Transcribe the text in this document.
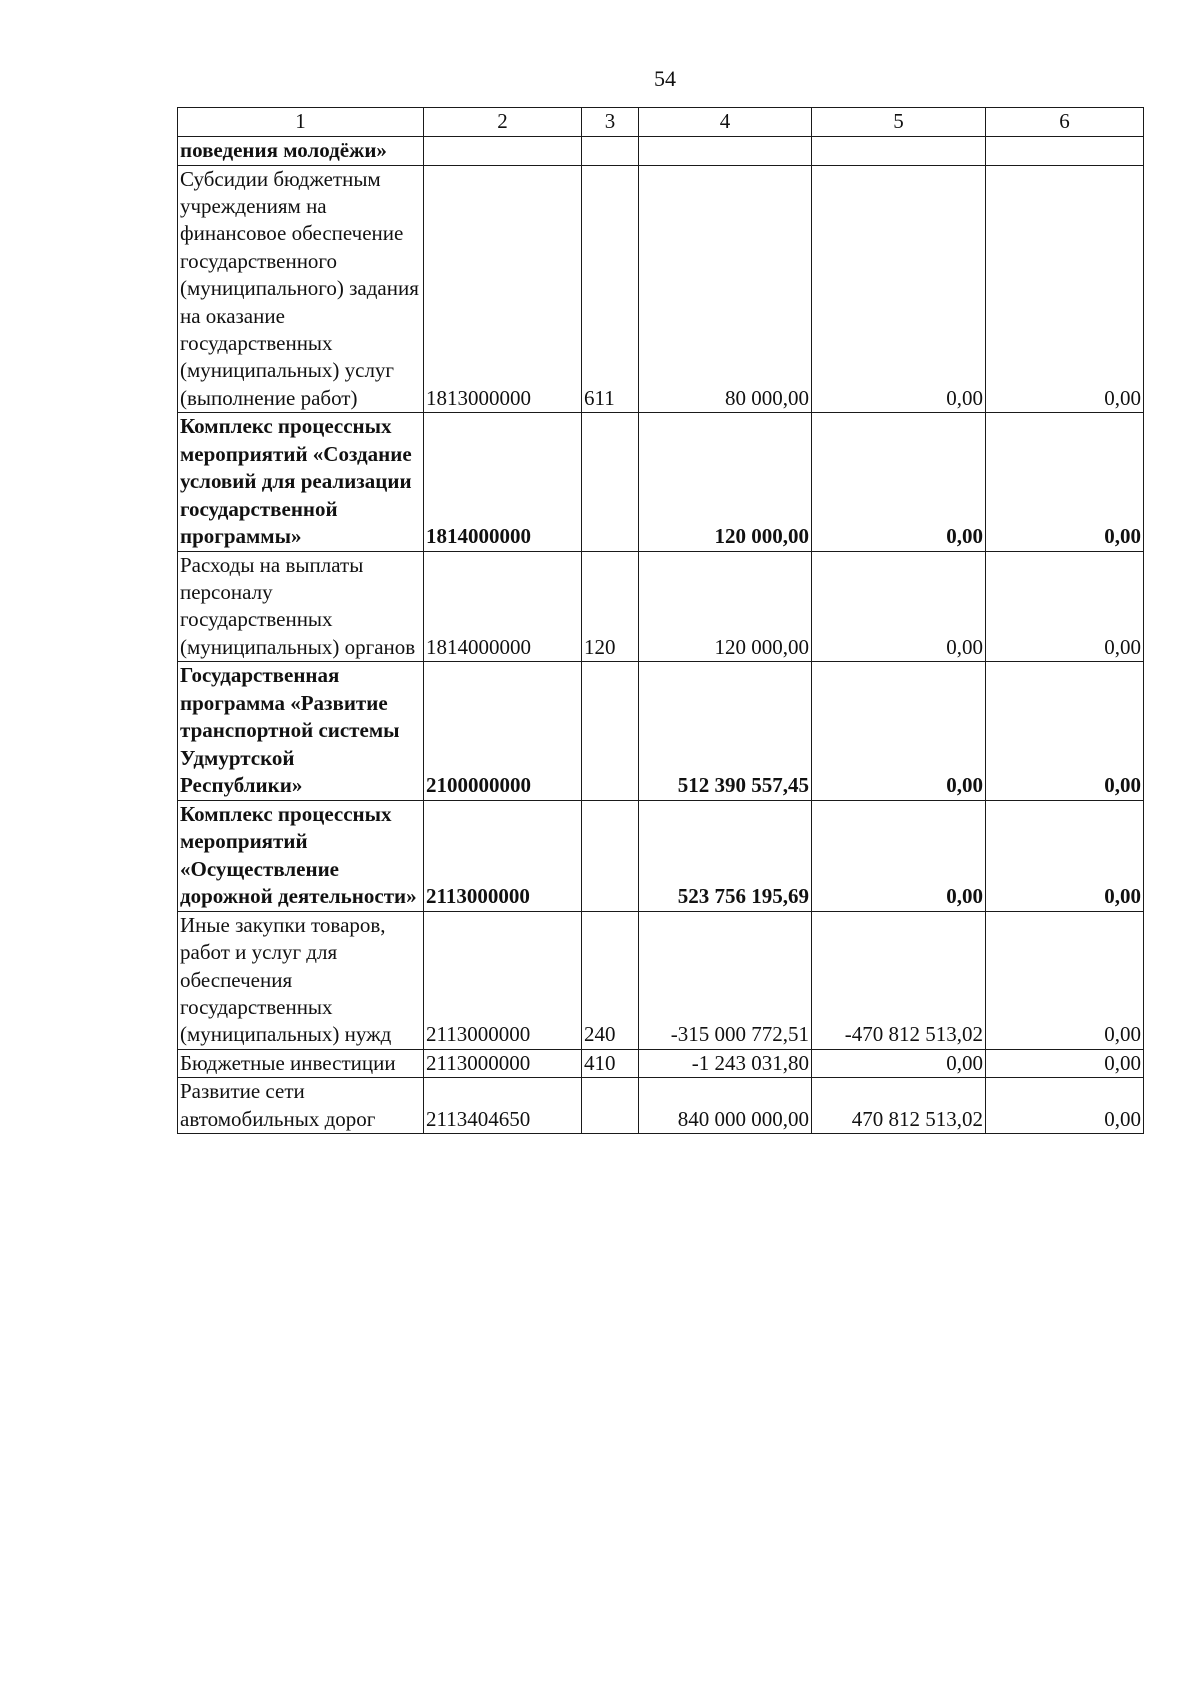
54
1	2	3	4	5	6
поведения молодёжи»					
Субсидии бюджетным учреждениям на финансовое обеспечение государственного (муниципального) задания на оказание государственных (муниципальных) услуг (выполнение работ)	1813000000	611	80 000,00	0,00	0,00
Комплекс процессных мероприятий «Создание условий для реализации государственной программы»	1814000000		120 000,00	0,00	0,00
Расходы на выплаты персоналу государственных (муниципальных) органов	1814000000	120	120 000,00	0,00	0,00
Государственная программа «Развитие транспортной системы Удмуртской Республики»	2100000000		512 390 557,45	0,00	0,00
Комплекс процессных мероприятий «Осуществление дорожной деятельности»	2113000000		523 756 195,69	0,00	0,00
Иные закупки товаров, работ и услуг для обеспечения государственных (муниципальных) нужд	2113000000	240	-315 000 772,51	-470 812 513,02	0,00
Бюджетные инвестиции	2113000000	410	-1 243 031,80	0,00	0,00
Развитие сети автомобильных дорог	2113404650		840 000 000,00	470 812 513,02	0,00
